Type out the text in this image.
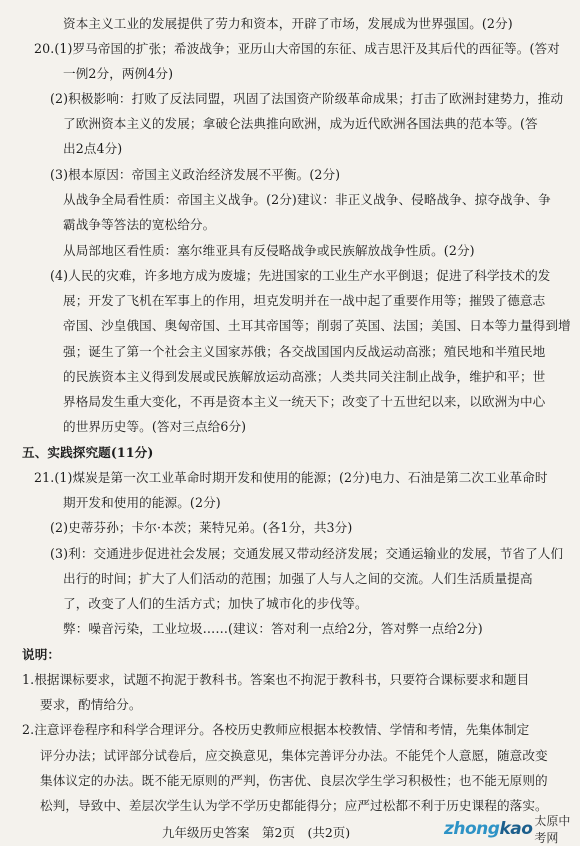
资本主义工业的发展提供了劳力和资本，开辟了市场，发展成为世界强国。(2分)
20.(1)罗马帝国的扩张；希波战争；亚历山大帝国的东征、成吉思汗及其后代的西征等。(答对
一例2分，两例4分)
(2)积极影响：打败了反法同盟，巩固了法国资产阶级革命成果；打击了欧洲封建势力，推动
了欧洲资本主义的发展；拿破仑法典推向欧洲，成为近代欧洲各国法典的范本等。(答
出2点4分)
(3)根本原因：帝国主义政治经济发展不平衡。(2分)
从战争全局看性质：帝国主义战争。(2分)建议：非正义战争、侵略战争、掠夺战争、争
霸战争等答法的宽松给分。
从局部地区看性质：塞尔维亚具有反侵略战争或民族解放战争性质。(2分)
(4)人民的灾难，许多地方成为废墟；先进国家的工业生产水平倒退；促进了科学技术的发
展；开发了飞机在军事上的作用，坦克发明并在一战中起了重要作用等；摧毁了德意志
帝国、沙皇俄国、奥匈帝国、土耳其帝国等；削弱了英国、法国；美国、日本等力量得到增
强；诞生了第一个社会主义国家苏俄；各交战国国内反战运动高涨；殖民地和半殖民地
的民族资本主义得到发展或民族解放运动高涨；人类共同关注制止战争，维护和平；世
界格局发生重大变化，不再是资本主义一统天下；改变了十五世纪以来，以欧洲为中心
的世界历史等。(答对三点给6分)
五、实践探究题(11分)
21.(1)煤炭是第一次工业革命时期开发和使用的能源；(2分)电力、石油是第二次工业革命时
期开发和使用的能源。(2分)
(2)史蒂芬孙；卡尔·本茨；莱特兄弟。(各1分，共3分)
(3)利：交通进步促进社会发展；交通发展又带动经济发展；交通运输业的发展，节省了人们
出行的时间；扩大了人们活动的范围；加强了人与人之间的交流。人们生活质量提高
了，改变了人们的生活方式；加快了城市化的步伐等。
弊：噪音污染，工业垃圾……(建议：答对利一点给2分，答对弊一点给2分)
说明：
1.根据课标要求，试题不拘泥于教科书。答案也不拘泥于教科书，只要符合课标要求和题目
要求，酌情给分。
2.注意评卷程序和科学合理评分。各校历史教师应根据本校教情、学情和考情，先集体制定
评分办法；试评部分试卷后，应交换意见，集体完善评分办法。不能凭个人意愿，随意改变
集体议定的办法。既不能无原则的严判，伤害优、良层次学生学习积极性；也不能无原则的
松判，导致中、差层次学生认为学不学历史都能得分；应严过松都不利于历史课程的落实。
九年级历史答案　第2页　(共2页)	zhongkao 太原中考网
